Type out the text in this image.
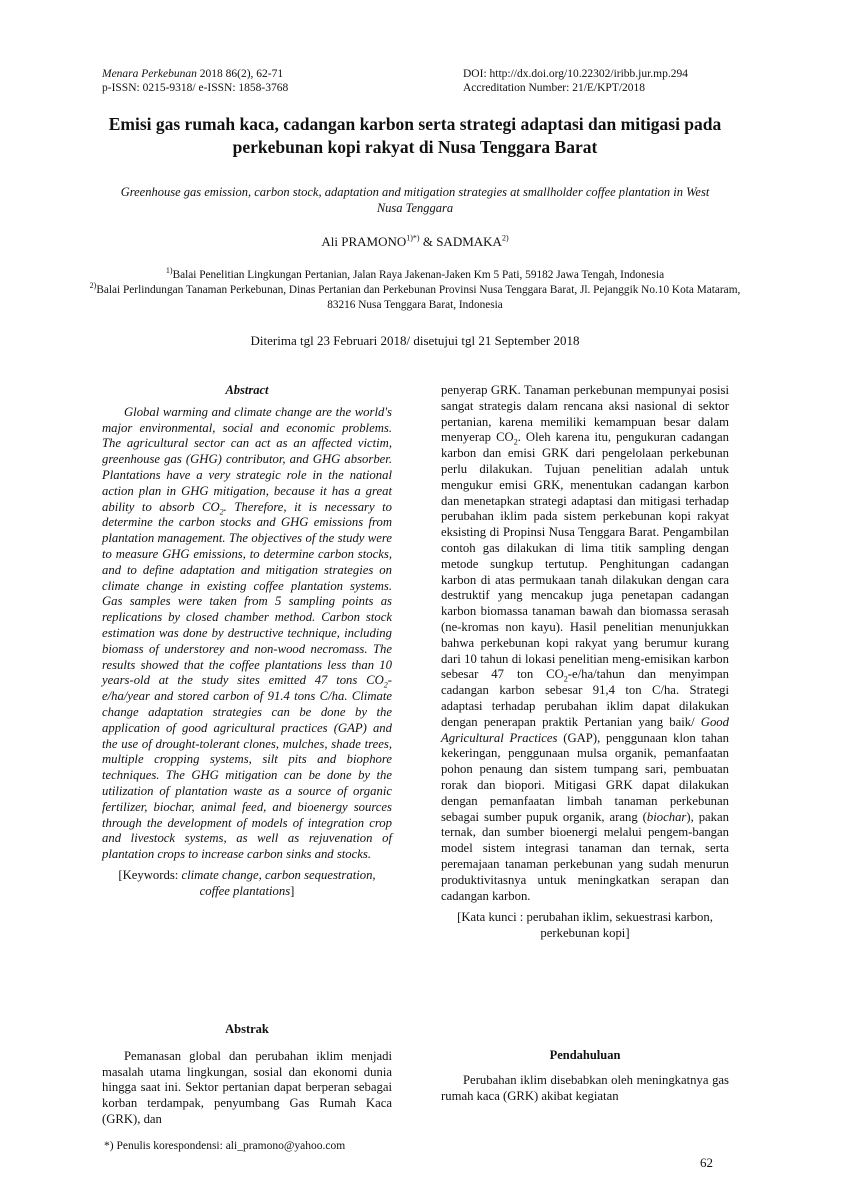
Menara Perkebunan 2018 86(2), 62-71
p-ISSN: 0215-9318/ e-ISSN: 1858-3768
DOI: http://dx.doi.org/10.22302/iribb.jur.mp.294
Accreditation Number: 21/E/KPT/2018
Emisi gas rumah kaca, cadangan karbon serta strategi adaptasi dan mitigasi pada perkebunan kopi rakyat di Nusa Tenggara Barat
Greenhouse gas emission, carbon stock, adaptation and mitigation strategies at smallholder coffee plantation in West Nusa Tenggara
Ali $PRAMONO^{1)*)}$ & SADMAKA$^{2)}$
$^{1)}$Balai Penelitian Lingkungan Pertanian, Jalan Raya Jakenan-Jaken Km 5 Pati, 59182 Jawa Tengah, Indonesia
$^{2)}$Balai Perlindungan Tanaman Perkebunan, Dinas Pertanian dan Perkebunan Provinsi Nusa Tenggara Barat, Jl. Pejanggik No.10 Kota Mataram, 83216 Nusa Tenggara Barat, Indonesia
Diterima tgl 23 Februari 2018/ disetujui tgl 21 September 2018
Abstract

Global warming and climate change are the world's major environmental, social and economic problems. The agricultural sector can act as an affected victim, greenhouse gas (GHG) contributor, and GHG absorber. Plantations have a very strategic role in the national action plan in GHG mitigation, because it has a great ability to absorb $CO_2$. Therefore, it is necessary to determine the carbon stocks and GHG emissions from plantation management. The objectives of the study were to measure GHG emissions, to determine carbon stocks, and to define adaptation and mitigation strategies on climate change in existing coffee plantation systems. Gas samples were taken from 5 sampling points as replications by closed chamber method. Carbon stock estimation was done by destructive technique, including biomass of understorey and non-wood necromass. The results showed that the coffee plantations less than 10 years-old at the study sites emitted 47 tons $CO_2-e/ha$/year and stored carbon of 91.4 tons C/ha. Climate change adaptation strategies can be done by the application of good agricultural practices (GAP) and the use of drought-tolerant clones, mulches, shade trees, multiple cropping systems, silt pits and biophore techniques. The GHG mitigation can be done by the utilization of plantation waste as a source of organic fertilizer, biochar, animal feed, and bioenergy sources through the development of models of integration crop and livestock systems, as well as rejuvenation of plantation crops to increase carbon sinks and stocks.

[Keywords: climate change, carbon sequestration, coffee plantations]
Abstrak

Pemanasan global dan perubahan iklim menjadi masalah utama lingkungan, sosial dan ekonomi dunia hingga saat ini. Sektor pertanian dapat berperan sebagai korban terdampak, penyumbang Gas Rumah Kaca (GRK), dan

penyerap GRK. Tanaman perkebunan mempunyai posisi sangat strategis dalam rencana aksi nasional di sektor pertanian, karena memiliki kemampuan besar dalam menyerap $CO_2$. Oleh karena itu, pengukuran cadangan karbon dan emisi GRK dari pengelolaan perkebunan perlu dilakukan. Tujuan penelitian adalah untuk mengukur emisi GRK, menentukan cadangan karbon dan menetapkan strategi adaptasi dan mitigasi terhadap perubahan iklim pada sistem perkebunan kopi rakyat eksisting di Propinsi Nusa Tenggara Barat. Pengambilan contoh gas dilakukan di lima titik sampling dengan metode sungkup tertutup. Penghitungan cadangan karbon di atas permukaan tanah dilakukan dengan cara destruktif yang mencakup juga penetapan cadangan karbon biomassa tanaman bawah dan biomassa serasah (ne-kromas non kayu). Hasil penelitian menunjukkan bahwa perkebunan kopi rakyat yang berumur kurang dari 10 tahun di lokasi penelitian meng-emisikan karbon sebesar 47 ton $CO_2-e/ha$/tahun dan menyimpan cadangan karbon sebesar 91,4 ton C/ha. Strategi adaptasi terhadap perubahan iklim dapat dilakukan dengan penerapan praktik Pertanian yang baik/ Good Agricultural Practices (GAP), penggunaan klon tahan kekeringan, penggunaan mulsa organik, pemanfaatan pohon penaung dan sistem tumpang sari, pembuatan rorak dan biopori. Mitigasi GRK dapat dilakukan dengan pemanfaatan limbah tanaman perkebunan sebagai sumber pupuk organik, arang (biochar), pakan ternak, dan sumber bioenergi melalui pengem-bangan model sistem integrasi tanaman dan ternak, serta peremajaan tanaman perkebunan yang sudah menurun produktivitasnya untuk meningkatkan serapan dan cadangan karbon.

[Kata kunci : perubahan iklim, sekuestrasi karbon, perkebunan kopi]
Pendahuluan

Perubahan iklim disebabkan oleh meningkatnya gas rumah kaca (GRK) akibat kegiatan

*) Penulis korespondensi: ali_pramono@yahoo.com
62
